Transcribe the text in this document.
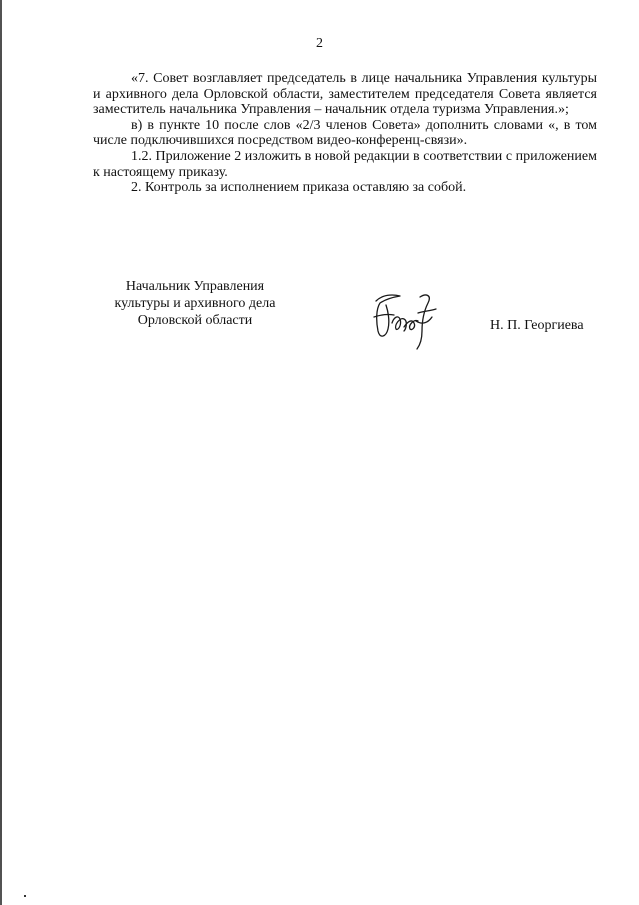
2

«7. Совет возглавляет председатель в лице начальника Управления культуры и архивного дела Орловской области, заместителем председателя Совета является заместитель начальника Управления – начальник отдела туризма Управления.»;

в) в пункте 10 после слов «2/3 членов Совета» дополнить словами «, в том числе подключившихся посредством видео-конференц-связи».

1.2. Приложение 2 изложить в новой редакции в соответствии с приложением к настоящему приказу.

2. Контроль за исполнением приказа оставляю за собой.

Начальник Управления
культуры и архивного дела
Орловской области	Н. П. Георгиева
